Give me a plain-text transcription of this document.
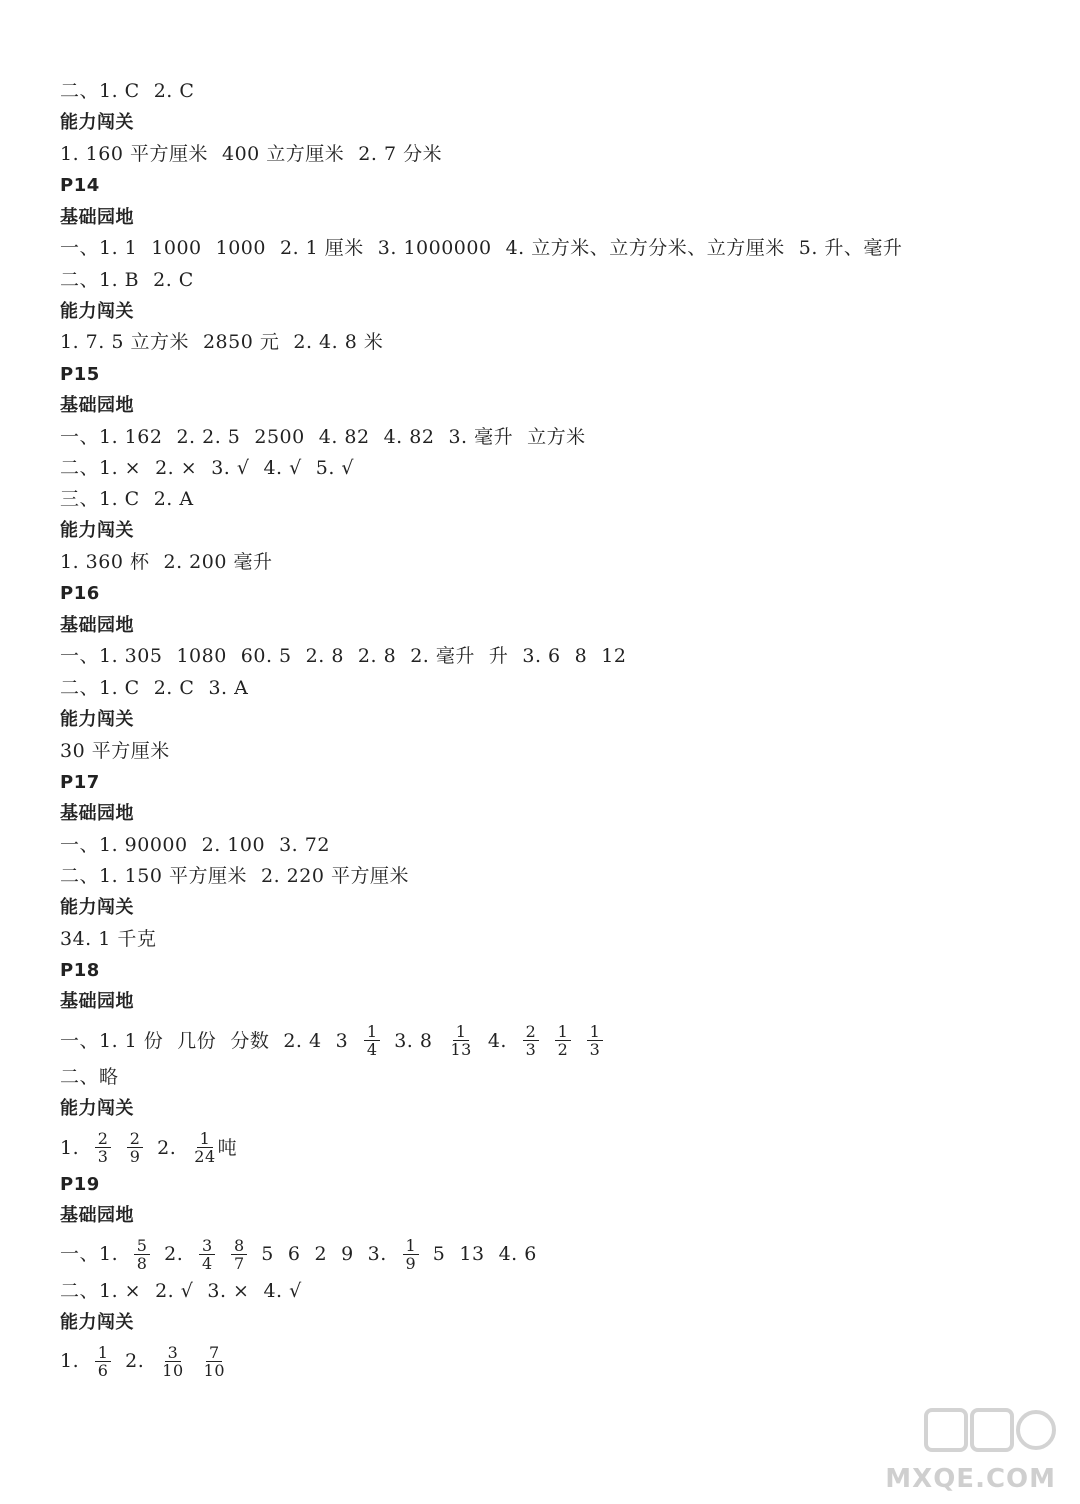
二、1. C 2. C
能力闯关
1. 160 平方厘米 400 立方厘米 2. 7 分米
P14
基础园地
一、1. 1 1000 1000 2. 1 厘米 3. 1000000 4. 立方米、立方分米、立方厘米 5. 升、毫升
二、1. B 2. C
能力闯关
1. 7. 5 立方米 2850 元 2. 4. 8 米
P15
基础园地
一、1. 162 2. 2. 5 2500 4. 82 4. 82 3. 毫升 立方米
二、1. × 2. × 3. √ 4. √ 5. √
三、1. C 2. A
能力闯关
1. 360 杯 2. 200 毫升
P16
基础园地
一、1. 305 1080 60. 5 2. 8 2. 8 2. 毫升 升 3. 6 8 12
二、1. C 2. C 3. A
能力闯关
30 平方厘米
P17
基础园地
一、1. 90000 2. 100 3. 72
二、1. 150 平方厘米 2. 220 平方厘米
能力闯关
34. 1 千克
P18
基础园地
一、1. 1 份 几份 分数 2. 4 $3 \frac{1}{4} 3$. $8 \frac{1}{13} 4$. $\frac{2}{3} \frac{1}{2} \frac{1}{3}$
二、略
能力闯关
1. $\frac{2}{3} \frac{2}{9} 2$. $\frac{1}{24}$ 吨
P19
基础园地
一、1. $\frac{5}{8} 2$. $\frac{3}{4} \frac{8}{7} 5$ 6 2 9 3. $\frac{1}{9} 5$ 13 4. 6
二、1. × 2. √ 3. × 4. √
能力闯关
1. $\frac{1}{6} 2$. $\frac{3}{10} \frac{7}{10}$
MXQE.COM
